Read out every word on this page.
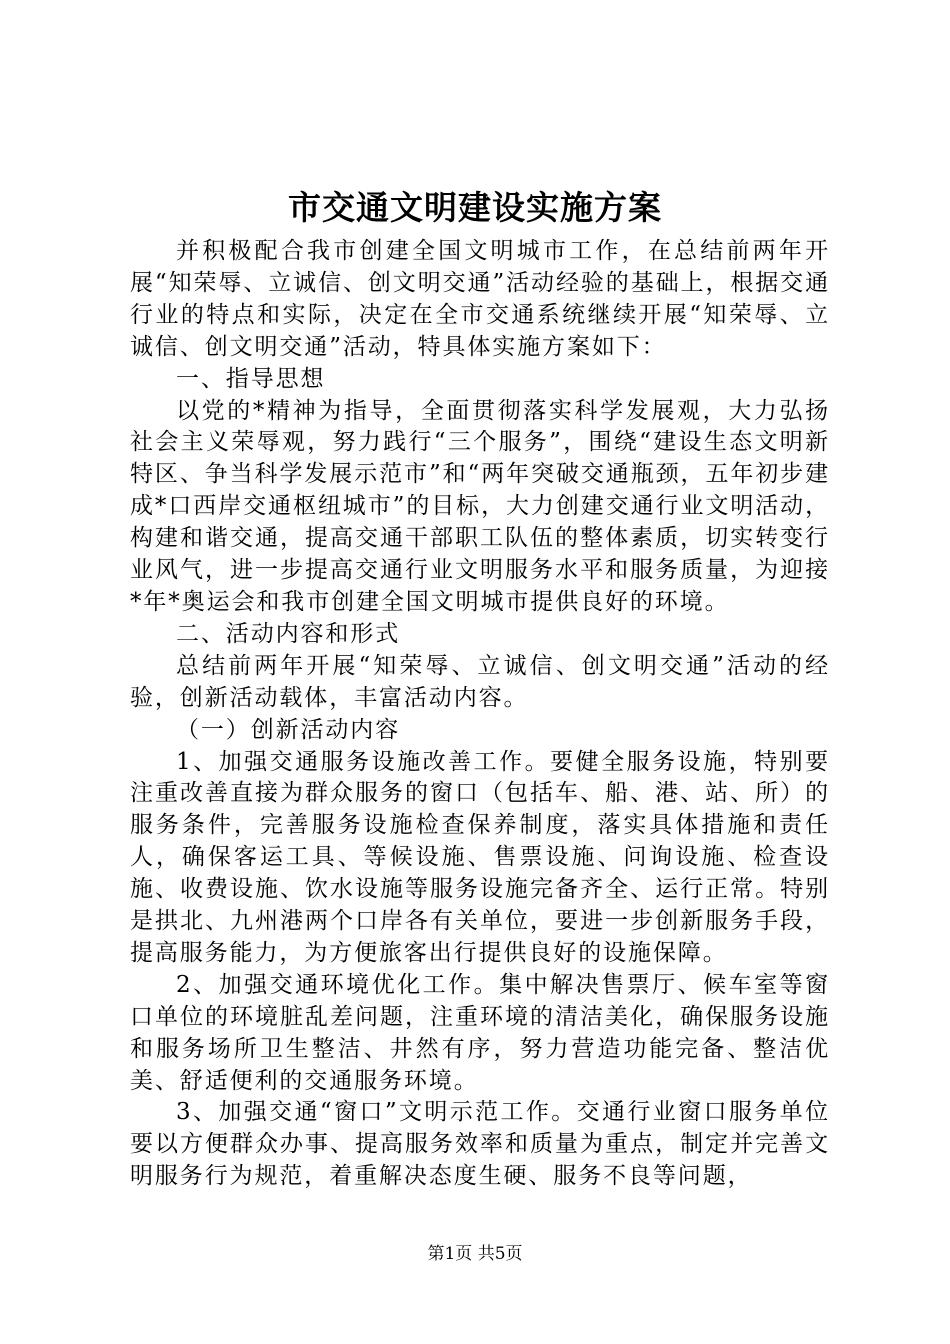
市交通文明建设实施方案

并积极配合我市创建全国文明城市工作，在总结前两年开展“知荣辱、立诚信、创文明交通”活动经验的基础上，根据交通行业的特点和实际，决定在全市交通系统继续开展“知荣辱、立诚信、创文明交通”活动，特具体实施方案如下：

一、指导思想

以党的*精神为指导，全面贯彻落实科学发展观，大力弘扬社会主义荣辱观，努力践行“三个服务”，围绕“建设生态文明新特区、争当科学发展示范市”和“两年突破交通瓶颈，五年初步建成*口西岸交通枢纽城市”的目标，大力创建交通行业文明活动，构建和谐交通，提高交通干部职工队伍的整体素质，切实转变行业风气，进一步提高交通行业文明服务水平和服务质量，为迎接*年*奥运会和我市创建全国文明城市提供良好的环境。

二、活动内容和形式

总结前两年开展“知荣辱、立诚信、创文明交通”活动的经验，创新活动载体，丰富活动内容。

（一）创新活动内容

1、加强交通服务设施改善工作。要健全服务设施，特别要注重改善直接为群众服务的窗口（包括车、船、港、站、所）的服务条件，完善服务设施检查保养制度，落实具体措施和责任人，确保客运工具、等候设施、售票设施、问询设施、检查设施、收费设施、饮水设施等服务设施完备齐全、运行正常。特别是拱北、九州港两个口岸各有关单位，要进一步创新服务手段，提高服务能力，为方便旅客出行提供良好的设施保障。

2、加强交通环境优化工作。集中解决售票厅、候车室等窗口单位的环境脏乱差问题，注重环境的清洁美化，确保服务设施和服务场所卫生整洁、井然有序，努力营造功能完备、整洁优美、舒适便利的交通服务环境。

3、加强交通“窗口”文明示范工作。交通行业窗口服务单位要以方便群众办事、提高服务效率和质量为重点，制定并完善文明服务行为规范，着重解决态度生硬、服务不良等问题，

第1页 共5页
